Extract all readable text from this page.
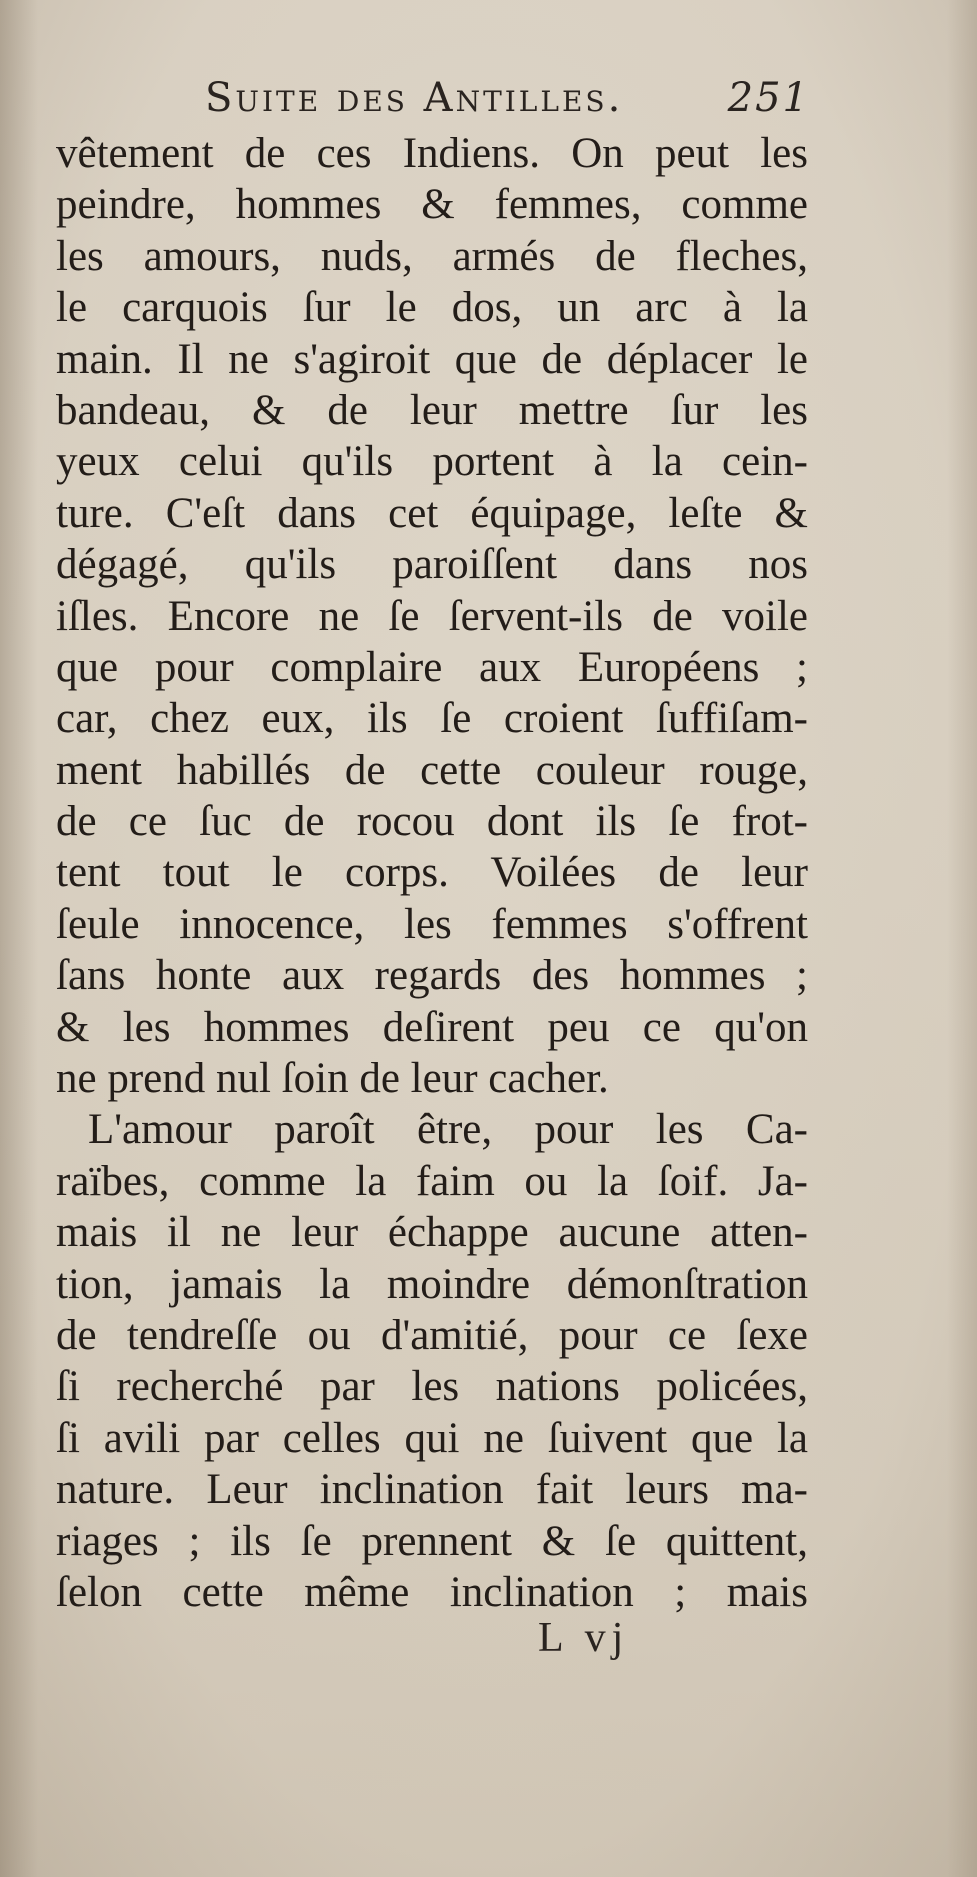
Suite des Antilles.	251
vêtement de ces Indiens. On peut les
peindre, hommes & femmes, comme
les amours, nuds, armés de fleches,
le carquois ſur le dos, un arc à la
main. Il ne s'agiroit que de déplacer le
bandeau, & de leur mettre ſur les
yeux celui qu'ils portent à la cein-
ture. C'eſt dans cet équipage, leſte &
dégagé, qu'ils paroiſſent dans nos
iſles. Encore ne ſe ſervent-ils de voile
que pour complaire aux Européens ;
car, chez eux, ils ſe croient ſuffiſam-
ment habillés de cette couleur rouge,
de ce ſuc de rocou dont ils ſe frot-
tent tout le corps. Voilées de leur
ſeule innocence, les femmes s'offrent
ſans honte aux regards des hommes ;
& les hommes deſirent peu ce qu'on
ne prend nul ſoin de leur cacher.
L'amour paroît être, pour les Ca-
raïbes, comme la faim ou la ſoif. Ja-
mais il ne leur échappe aucune atten-
tion, jamais la moindre démonſtration
de tendreſſe ou d'amitié, pour ce ſexe
ſi recherché par les nations policées,
ſi avili par celles qui ne ſuivent que la
nature. Leur inclination fait leurs ma-
riages ; ils ſe prennent & ſe quittent,
ſelon cette même inclination ; mais
L vj
